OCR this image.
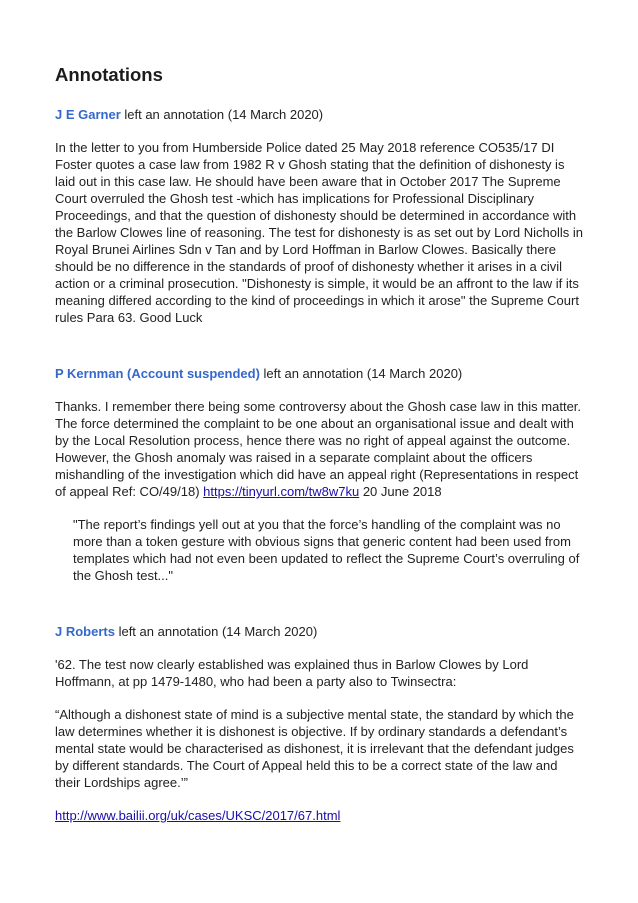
Annotations
J E Garner left an annotation (14 March 2020)

In the letter to you from Humberside Police dated 25 May 2018 reference CO535/17 DI Foster quotes a case law from 1982 R v Ghosh stating that the definition of dishonesty is laid out in this case law. He should have been aware that in October 2017 The Supreme Court overruled the Ghosh test -which has implications for Professional Disciplinary Proceedings, and that the question of dishonesty should be determined in accordance with the Barlow Clowes line of reasoning. The test for dishonesty is as set out by Lord Nicholls in Royal Brunei Airlines Sdn v Tan and by Lord Hoffman in Barlow Clowes. Basically there should be no difference in the standards of proof of dishonesty whether it arises in a civil action or a criminal prosecution. "Dishonesty is simple, it would be an affront to the law if its meaning differed according to the kind of proceedings in which it arose" the Supreme Court rules Para 63. Good Luck

P Kernman (Account suspended) left an annotation (14 March 2020)

Thanks. I remember there being some controversy about the Ghosh case law in this matter. The force determined the complaint to be one about an organisational issue and dealt with by the Local Resolution process, hence there was no right of appeal against the outcome. However, the Ghosh anomaly was raised in a separate complaint about the officers mishandling of the investigation which did have an appeal right (Representations in respect of appeal Ref: CO/49/18) https://tinyurl.com/tw8w7ku 20 June 2018

"The report’s findings yell out at you that the force’s handling of the complaint was no more than a token gesture with obvious signs that generic content had been used from templates which had not even been updated to reflect the Supreme Court’s overruling of the Ghosh test..."
J Roberts left an annotation (14 March 2020)

'62. The test now clearly established was explained thus in Barlow Clowes by Lord Hoffmann, at pp 1479-1480, who had been a party also to Twinsectra:

“Although a dishonest state of mind is a subjective mental state, the standard by which the law determines whether it is dishonest is objective. If by ordinary standards a defendant’s mental state would be characterised as dishonest, it is irrelevant that the defendant judges by different standards. The Court of Appeal held this to be a correct state of the law and their Lordships agree.’”

http://www.bailii.org/uk/cases/UKSC/2017/67.html
